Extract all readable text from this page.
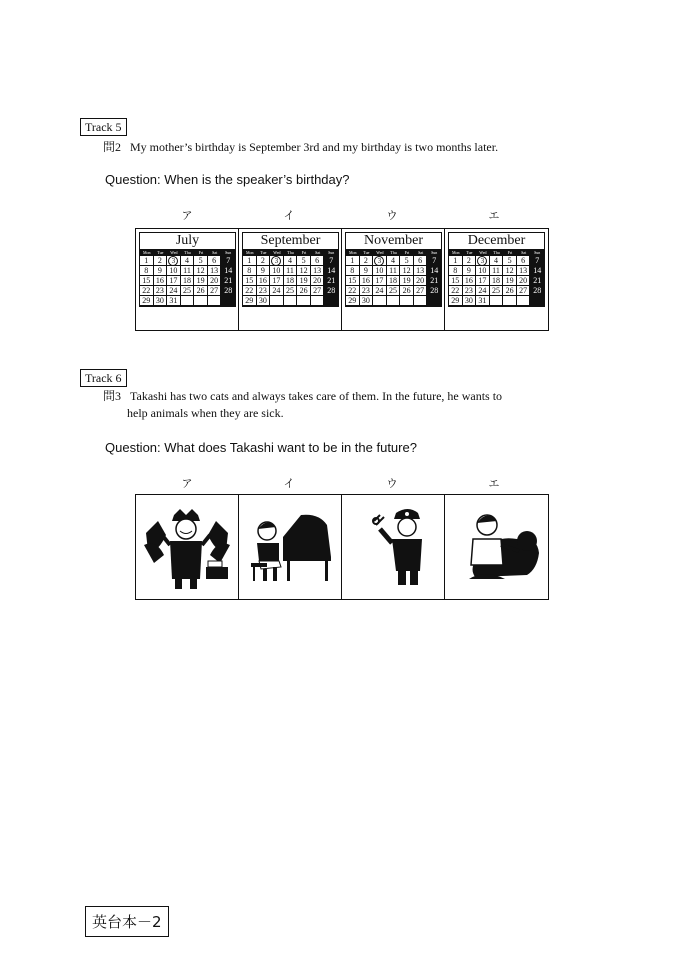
Track 5
問2 My mother’s birthday is September 3rd and my birthday is two months later.
Question: When is the speaker’s birthday?
ア	イ	ウ	エ
July
Mon	Tue	Wed	Thu	Fri	Sat	Sun
1	2	3	4	5	6	7
8	9 10 11 12 13 14
15 16 17 18 19 20 21
22 23 24 25 26 27 28
29 30 31
September
Mon	Tue	Wed	Thu	Fri	Sat	Sun
1	2	3	4	5	6	7
8	9 10 11 12 13 14
15 16 17 18 19 20 21
22 23 24 25 26 27 28
29 30
November
Mon	Tue	Wed	Thu	Fri	Sat	Sun
1	2	3	4	5	6	7
8	9 10 11 12 13 14
15 16 17 18 19 20 21
22 23 24 25 26 27 28
29 30
December
Mon	Tue	Wed	Thu	Fri	Sat	Sun
1	2	3	4	5	6	7
8	9 10 11 12 13 14
15 16 17 18 19 20 21
22 23 24 25 26 27 28
29 30 31
Track 6
問3 Takashi has two cats and always takes care of them. In the future, he wants to
help animals when they are sick.
Question: What does Takashi want to be in the future?
ア	イ	ウ	エ
英台本－2
